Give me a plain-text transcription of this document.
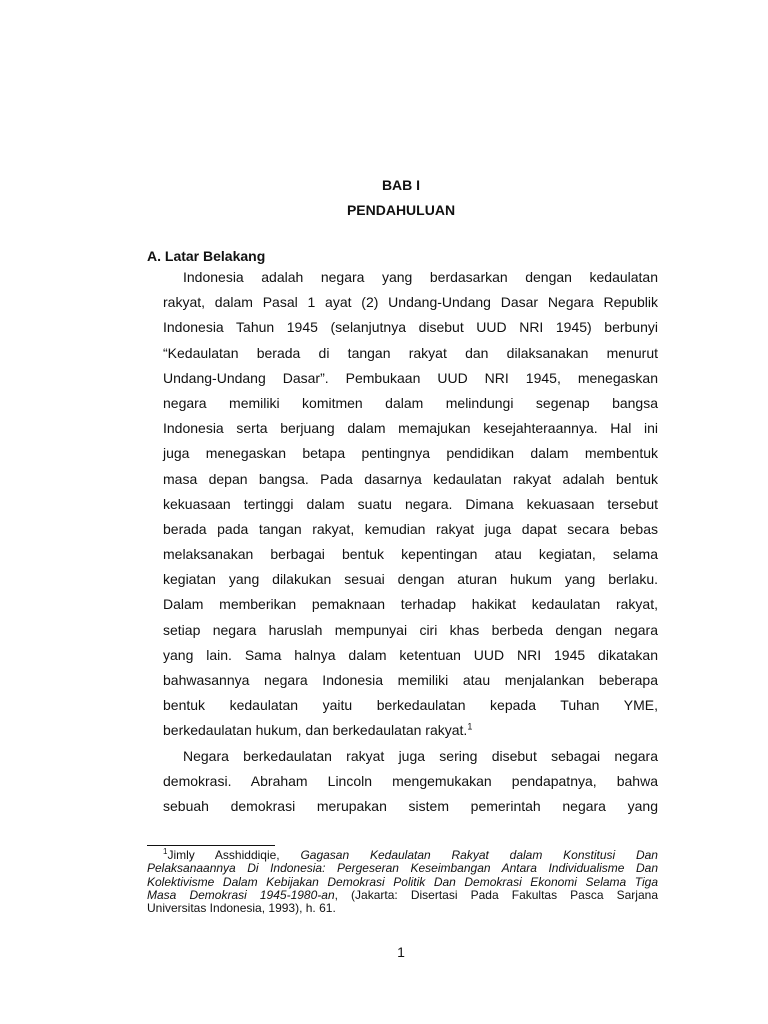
BAB I
PENDAHULUAN
A. Latar Belakang
Indonesia adalah negara yang berdasarkan dengan kedaulatan
rakyat, dalam Pasal 1 ayat (2) Undang-Undang Dasar Negara Republik
Indonesia Tahun 1945 (selanjutnya disebut UUD NRI 1945) berbunyi
“Kedaulatan berada di tangan rakyat dan dilaksanakan menurut
Undang-Undang Dasar”. Pembukaan UUD NRI 1945, menegaskan
negara memiliki komitmen dalam melindungi segenap bangsa
Indonesia serta berjuang dalam memajukan kesejahteraannya. Hal ini
juga menegaskan betapa pentingnya pendidikan dalam membentuk
masa depan bangsa. Pada dasarnya kedaulatan rakyat adalah bentuk
kekuasaan tertinggi dalam suatu negara. Dimana kekuasaan tersebut
berada pada tangan rakyat, kemudian rakyat juga dapat secara bebas
melaksanakan berbagai bentuk kepentingan atau kegiatan, selama
kegiatan yang dilakukan sesuai dengan aturan hukum yang berlaku.
Dalam memberikan pemaknaan terhadap hakikat kedaulatan rakyat,
setiap negara haruslah mempunyai ciri khas berbeda dengan negara
yang lain. Sama halnya dalam ketentuan UUD NRI 1945 dikatakan
bahwasannya negara Indonesia memiliki atau menjalankan beberapa
bentuk kedaulatan yaitu berkedaulatan kepada Tuhan YME,
berkedaulatan hukum, dan berkedaulatan rakyat.$^1$
Negara berkedaulatan rakyat juga sering disebut sebagai negara
demokrasi. Abraham Lincoln mengemukakan pendapatnya, bahwa
sebuah demokrasi merupakan sistem pemerintah negara yang
$^1$Jimly Asshiddiqie, Gagasan Kedaulatan Rakyat dalam Konstitusi Dan
Pelaksanaannya Di Indonesia: Pergeseran Keseimbangan Antara Individualisme Dan
Kolektivisme Dalam Kebijakan Demokrasi Politik Dan Demokrasi Ekonomi Selama Tiga
Masa Demokrasi 1945-1980-an, (Jakarta: Disertasi Pada Fakultas Pasca Sarjana
Universitas Indonesia, 1993), h. 61.
1
